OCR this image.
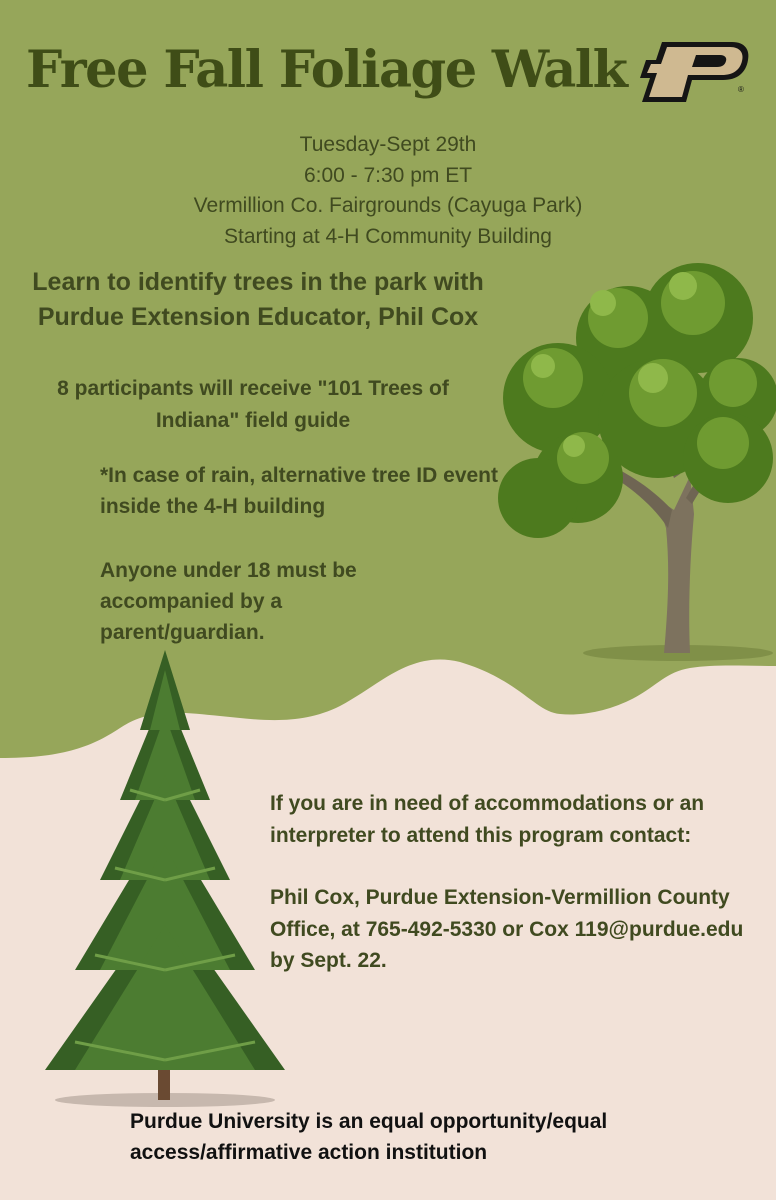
Free Fall Foliage Walk	®
Tuesday-Sept 29th
6:00 - 7:30 pm ET
Vermillion Co. Fairgrounds (Cayuga Park)
Starting at 4-H Community Building
Learn to identify trees in the park with Purdue Extension Educator, Phil Cox
8 participants will receive "101 Trees of Indiana" field guide
*In case of rain, alternative tree ID event inside the 4-H building
Anyone under 18 must be accompanied by a parent/guardian.

If you are in need of accommodations or an interpreter to attend this program contact:

Phil Cox, Purdue Extension-Vermillion County Office, at 765-492-5330 or Cox 119@purdue.edu by Sept. 22.

Purdue University is an equal opportunity/equal access/affirmative action institution
